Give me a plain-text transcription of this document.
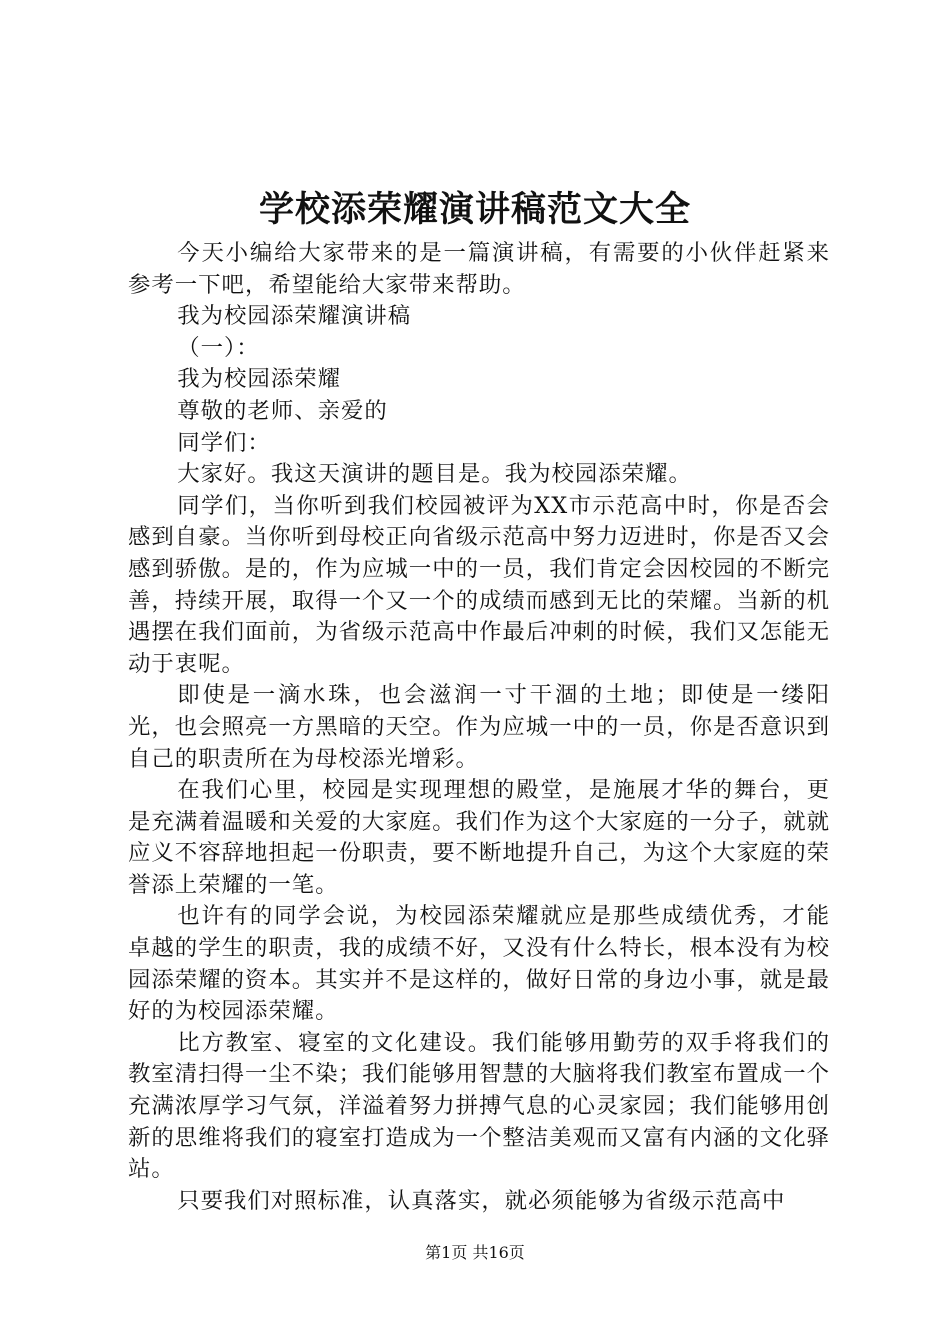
学校添荣耀演讲稿范文大全

今天小编给大家带来的是一篇演讲稿，有需要的小伙伴赶紧来参考一下吧，希望能给大家带来帮助。

我为校园添荣耀演讲稿

（一）：

我为校园添荣耀

尊敬的老师、亲爱的

同学们：

大家好。我这天演讲的题目是。我为校园添荣耀。

同学们，当你听到我们校园被评为XX市示范高中时，你是否会感到自豪。当你听到母校正向省级示范高中努力迈进时，你是否又会感到骄傲。是的，作为应城一中的一员，我们肯定会因校园的不断完善，持续开展，取得一个又一个的成绩而感到无比的荣耀。当新的机遇摆在我们面前，为省级示范高中作最后冲刺的时候，我们又怎能无动于衷呢。

即使是一滴水珠，也会滋润一寸干涸的土地；即使是一缕阳光，也会照亮一方黑暗的天空。作为应城一中的一员，你是否意识到自己的职责所在为母校添光增彩。

在我们心里，校园是实现理想的殿堂，是施展才华的舞台，更是充满着温暖和关爱的大家庭。我们作为这个大家庭的一分子，就就应义不容辞地担起一份职责，要不断地提升自己，为这个大家庭的荣誉添上荣耀的一笔。

也许有的同学会说，为校园添荣耀就应是那些成绩优秀，才能卓越的学生的职责，我的成绩不好，又没有什么特长，根本没有为校园添荣耀的资本。其实并不是这样的，做好日常的身边小事，就是最好的为校园添荣耀。

比方教室、寝室的文化建设。我们能够用勤劳的双手将我们的教室清扫得一尘不染；我们能够用智慧的大脑将我们教室布置成一个充满浓厚学习气氛，洋溢着努力拼搏气息的心灵家园；我们能够用创新的思维将我们的寝室打造成为一个整洁美观而又富有内涵的文化驿站。

只要我们对照标准，认真落实，就必须能够为省级示范高中

第1页 共16页
